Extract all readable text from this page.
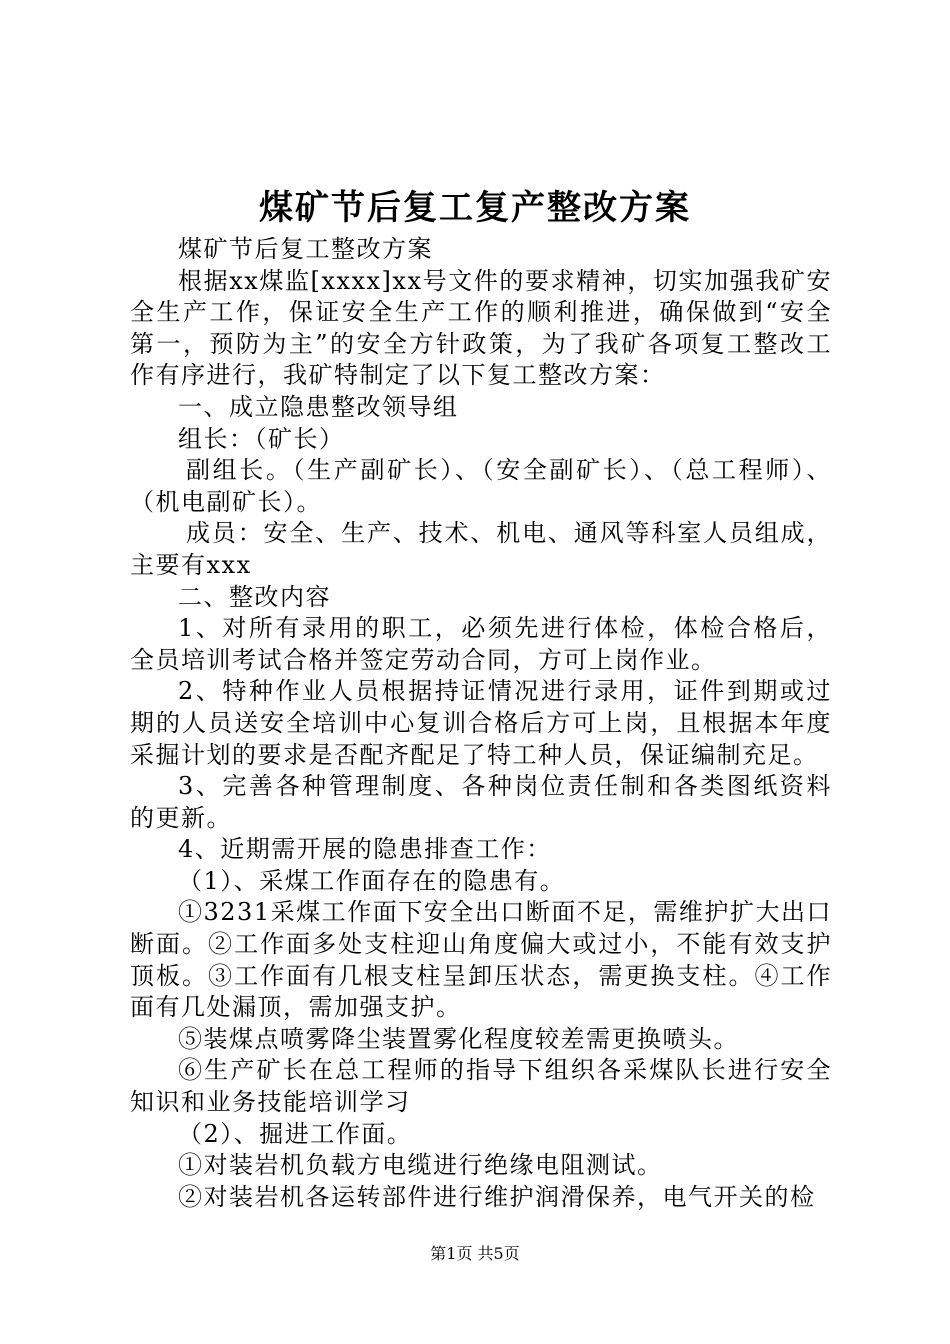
煤矿节后复工复产整改方案

煤矿节后复工整改方案

根据xx煤监[xxxx]xx号文件的要求精神，切实加强我矿安全生产工作，保证安全生产工作的顺利推进，确保做到“安全第一，预防为主”的安全方针政策，为了我矿各项复工整改工作有序进行，我矿特制定了以下复工整改方案：

一、成立隐患整改领导组

组长：（矿长）

副组长。（生产副矿长）、（安全副矿长）、（总工程师）、（机电副矿长）。

成员：安全、生产、技术、机电、通风等科室人员组成，主要有xxx

二、整改内容

1、对所有录用的职工，必须先进行体检，体检合格后，全员培训考试合格并签定劳动合同，方可上岗作业。

2、特种作业人员根据持证情况进行录用，证件到期或过期的人员送安全培训中心复训合格后方可上岗，且根据本年度采掘计划的要求是否配齐配足了特工种人员，保证编制充足。

3、完善各种管理制度、各种岗位责任制和各类图纸资料的更新。

4、近期需开展的隐患排查工作：

（1）、采煤工作面存在的隐患有。

①3231采煤工作面下安全出口断面不足，需维护扩大出口断面。②工作面多处支柱迎山角度偏大或过小，不能有效支护顶板。③工作面有几根支柱呈卸压状态，需更换支柱。④工作面有几处漏顶，需加强支护。

⑤装煤点喷雾降尘装置雾化程度较差需更换喷头。

⑥生产矿长在总工程师的指导下组织各采煤队长进行安全知识和业务技能培训学习

（2）、掘进工作面。

①对装岩机负载方电缆进行绝缘电阻测试。

②对装岩机各运转部件进行维护润滑保养，电气开关的检

第1页 共5页
